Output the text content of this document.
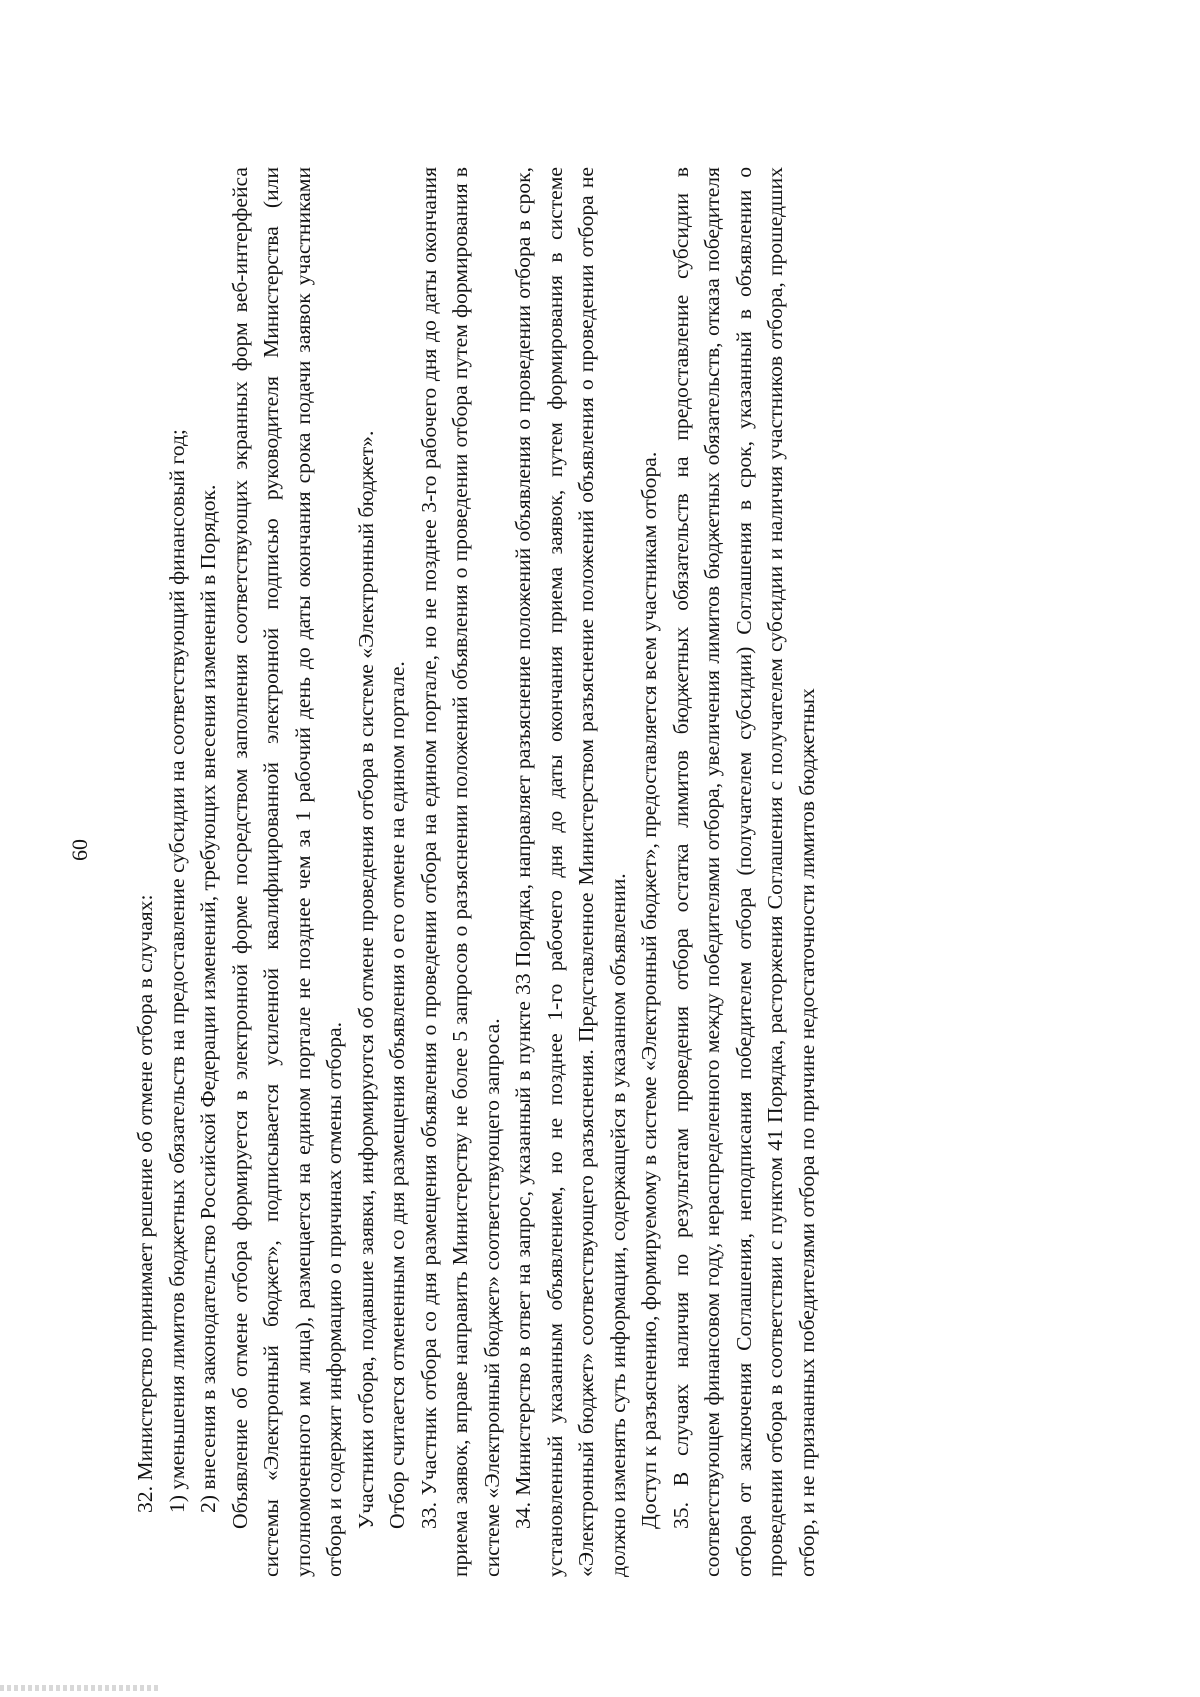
60

32. Министерство принимает решение об отмене отбора в случаях: 1) уменьшения лимитов бюджетных обязательств на предоставление субсидии на соответствующий финансовый год; 2) внесения в законодательство Российской Федерации изменений, требующих внесения изменений в Порядок. Объявление об отмене отбора формируется в электронной форме посредством заполнения соответствующих экранных форм веб-интерфейса системы «Электронный бюджет», подписывается усиленной квалифицированной электронной подписью руководителя Министерства (или уполномоченного им лица), размещается на едином портале не позднее чем за 1 рабочий день до даты окончания срока подачи заявок участниками отбора и содержит информацию о причинах отмены отбора. Участники отбора, подавшие заявки, информируются об отмене проведения отбора в системе «Электронный бюджет». Отбор считается отмененным со дня размещения объявления о его отмене на едином портале. 33. Участник отбора со дня размещения объявления о проведении отбора на едином портале, но не позднее 3-го рабочего дня до даты окончания приема заявок, вправе направить Министерству не более 5 запросов о разъяснении положений объявления о проведении отбора путем формирования в системе «Электронный бюджет» соответствующего запроса. 34. Министерство в ответ на запрос, указанный в пункте 33 Порядка, направляет разъяснение положений объявления о проведении отбора в срок, установленный указанным объявлением, но не позднее 1-го рабочего дня до даты окончания приема заявок, путем формирования в системе «Электронный бюджет» соответствующего разъяснения. Представленное Министерством разъяснение положений объявления о проведении отбора не должно изменять суть информации, содержащейся в указанном объявлении. Доступ к разъяснению, формируемому в системе «Электронный бюджет», предоставляется всем участникам отбора. 35. В случаях наличия по результатам проведения отбора остатка лимитов бюджетных обязательств на предоставление субсидии в соответствующем финансовом году, нераспределенного между победителями отбора, увеличения лимитов бюджетных обязательств, отказа победителя отбора от заключения Соглашения, неподписания победителем отбора (получателем субсидии) Соглашения в срок, указанный в объявлении о проведении отбора в соответствии с пунктом 41 Порядка, расторжения Соглашения с получателем субсидии и наличия участников отбора, прошедших отбор, и не признанных победителями отбора по причине недостаточности лимитов бюджетных
